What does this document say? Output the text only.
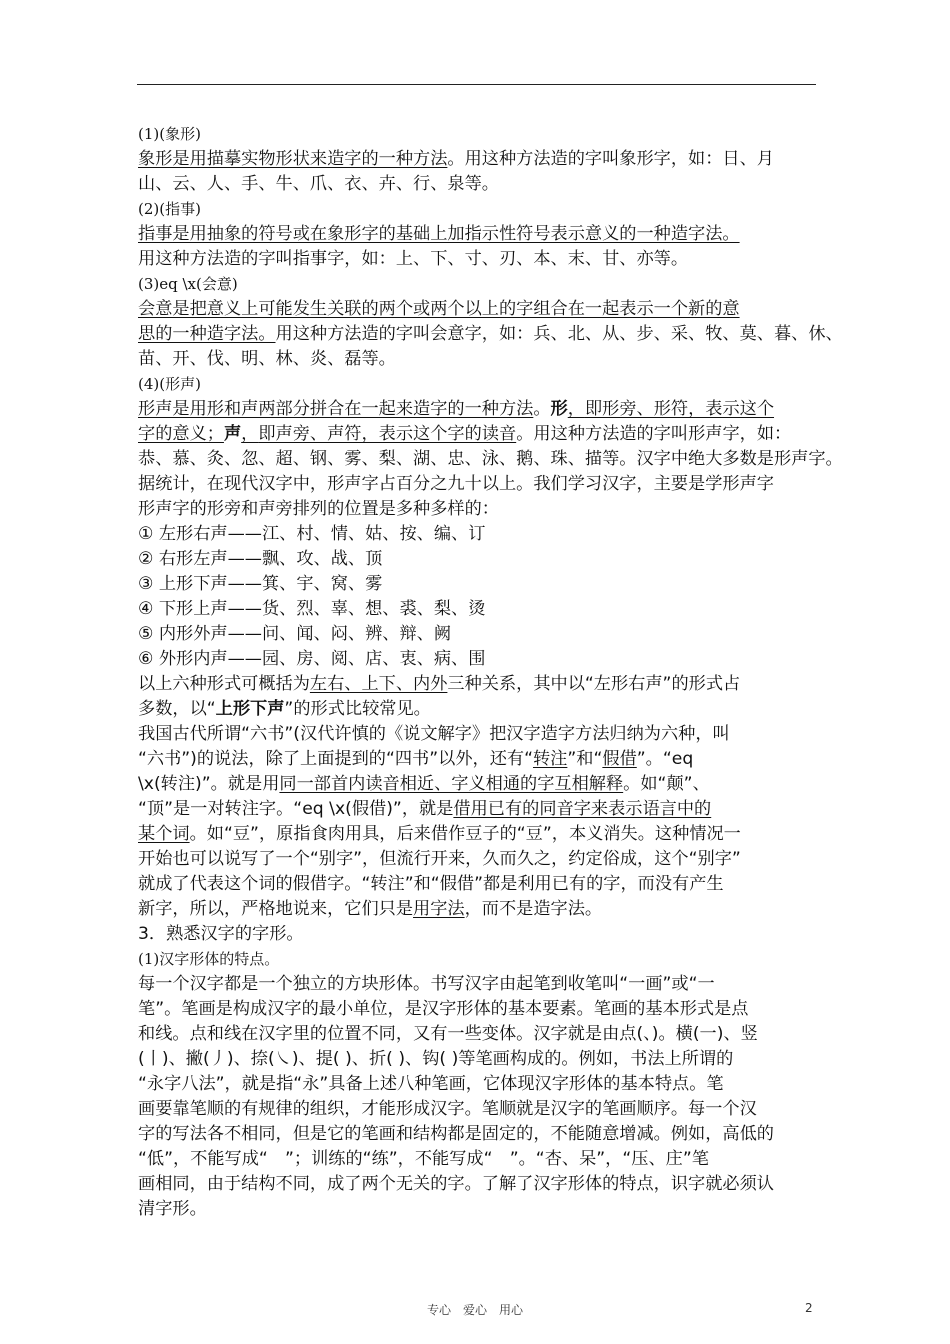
(1)(象形)
象形是用描摹实物形状来造字的一种方法。用这种方法造的字叫象形字，如：日、月
山、云、人、手、牛、爪、衣、卉、行、泉等。
(2)(指事)
指事是用抽象的符号或在象形字的基础上加指示性符号表示意义的一种造字法。
用这种方法造的字叫指事字，如：上、下、寸、刃、本、末、甘、亦等。
(3)eq \x(会意)
会意是把意义上可能发生关联的两个或两个以上的字组合在一起表示一个新的意
思的一种造字法。用这种方法造的字叫会意字，如：兵、北、从、步、采、牧、莫、暮、休、
苗、开、伐、明、林、炎、磊等。
(4)(形声)
形声是用形和声两部分拼合在一起来造字的一种方法。形，即形旁、形符，表示这个
字的意义；声，即声旁、声符，表示这个字的读音。用这种方法造的字叫形声字，如：
恭、慕、灸、忽、超、钢、雾、梨、湖、忠、泳、鹅、珠、描等。汉字中绝大多数是形声字。
据统计，在现代汉字中，形声字占百分之九十以上。我们学习汉字，主要是学形声字
形声字的形旁和声旁排列的位置是多种多样的：
① 左形右声——江、村、情、姑、按、编、订
② 右形左声——飘、攻、战、顶
③ 上形下声——箕、宇、窝、雾
④ 下形上声——货、烈、辜、想、裘、梨、烫
⑤ 内形外声——问、闻、闷、辨、辩、阙
⑥ 外形内声——园、房、阅、店、衷、病、围
以上六种形式可概括为左右、上下、内外三种关系，其中以“左形右声”的形式占
多数，以“上形下声”的形式比较常见。
我国古代所谓“六书”(汉代许慎的《说文解字》把汉字造字方法归纳为六种，叫
“六书”)的说法，除了上面提到的“四书”以外，还有“转注”和“假借”。“eq
\x(转注)”。就是用同一部首内读音相近、字义相通的字互相解释。如“颠”、
“顶”是一对转注字。“eq \x(假借)”，就是借用已有的同音字来表示语言中的
某个词。如“豆”，原指食肉用具，后来借作豆子的“豆”，本义消失。这种情况一
开始也可以说写了一个“别字”，但流行开来，久而久之，约定俗成，这个“别字”
就成了代表这个词的假借字。“转注”和“假借”都是利用已有的字，而没有产生
新字，所以，严格地说来，它们只是用字法，而不是造字法。
3．熟悉汉字的字形。
(1)汉字形体的特点。
每一个汉字都是一个独立的方块形体。书写汉字由起笔到收笔叫“一画”或“一
笔”。笔画是构成汉字的最小单位，是汉字形体的基本要素。笔画的基本形式是点
和线。点和线在汉字里的位置不同，又有一些变体。汉字就是由点(、)。横(一)、竖
(丨)、撇(丿)、捺(㇏)、提( )、折( )、钩( )等笔画构成的。例如，书法上所谓的
“永字八法”，就是指“永”具备上述八种笔画，它体现汉字形体的基本特点。笔
画要靠笔顺的有规律的组织，才能形成汉字。笔顺就是汉字的笔画顺序。每一个汉
字的写法各不相同，但是它的笔画和结构都是固定的，不能随意增减。例如，高低的
“低”，不能写成“　”；训练的“练”，不能写成“　”。“杏、呆”，“压、庄”笔
画相同，由于结构不同，成了两个无关的字。了解了汉字形体的特点，识字就必须认
清字形。
专心　爱心　用心	2
